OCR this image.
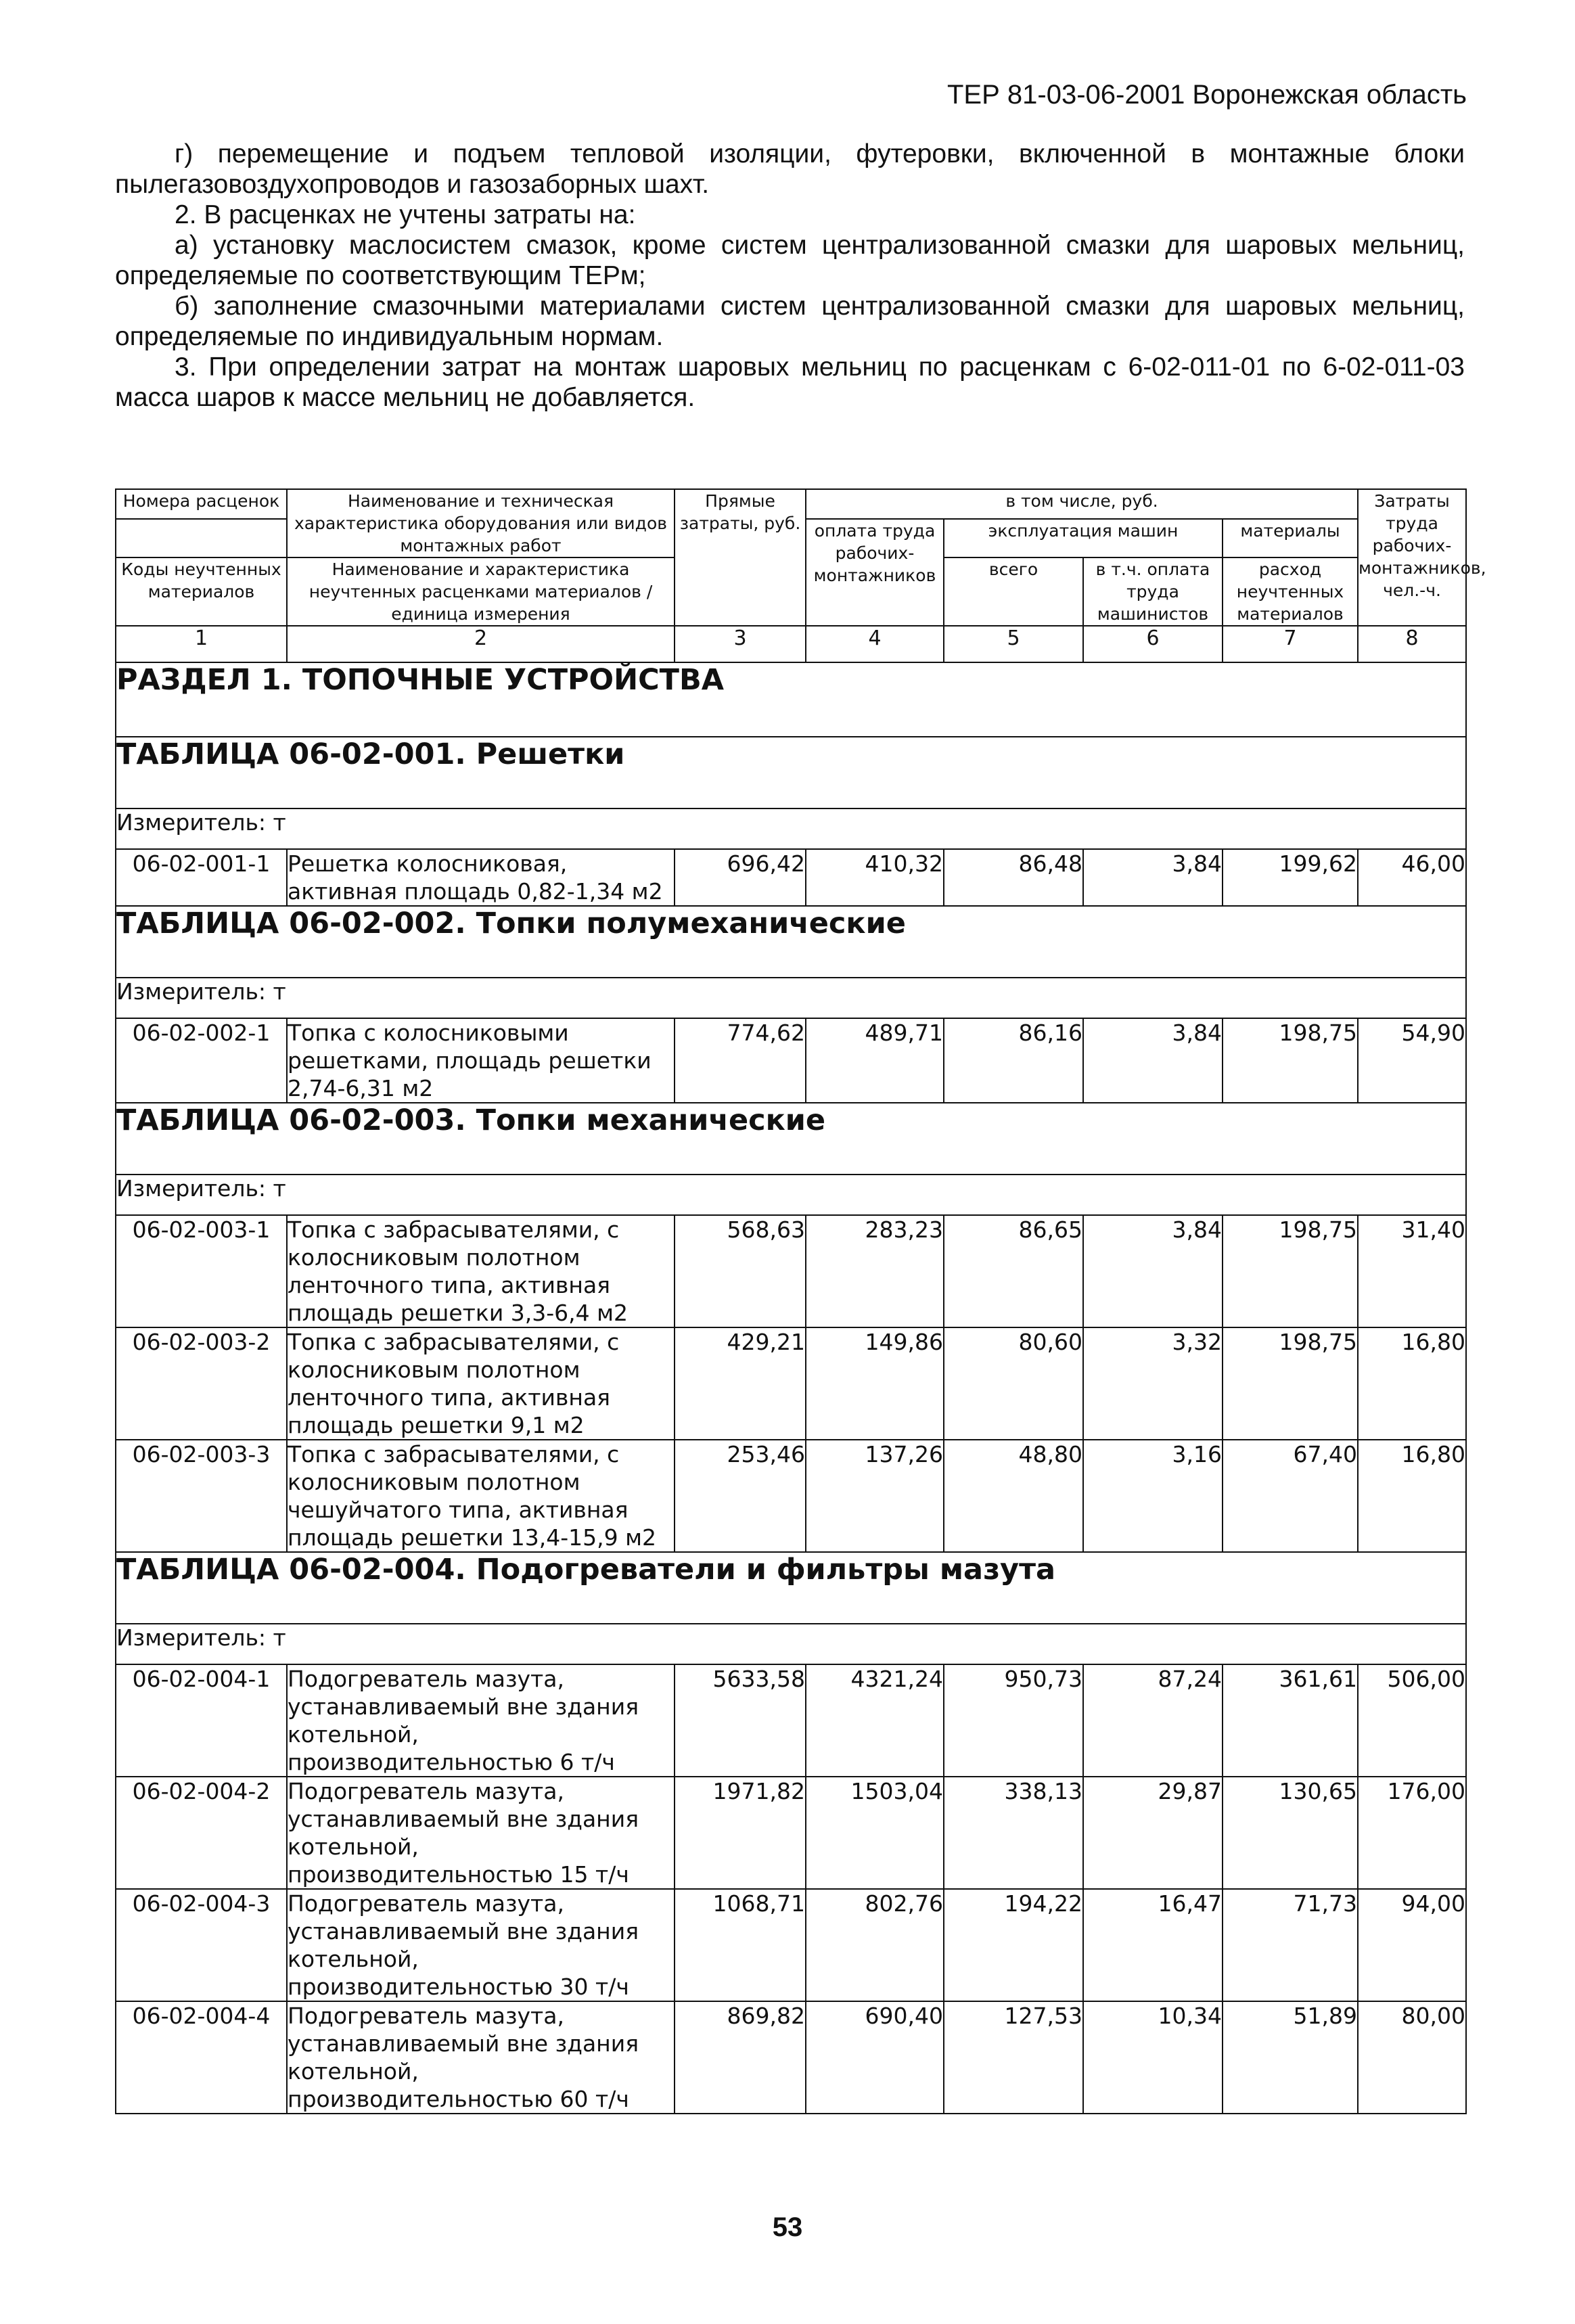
ТЕР 81-03-06-2001 Воронежская область

г) перемещение и подъем тепловой изоляции, футеровки, включенной в монтажные блоки пылегазовоздухопроводов и газозаборных шахт.

2. В расценках не учтены затраты на:

а) установку маслосистем смазок, кроме систем централизованной смазки для шаровых мельниц, определяемые по соответствующим ТЕРм;

б) заполнение смазочными материалами систем централизованной смазки для шаровых мельниц, определяемые по индивидуальным нормам.

3. При определении затрат на монтаж шаровых мельниц по расценкам с 6-02-011-01 по 6-02-011-03 масса шаров к массе мельниц не добавляется.

Номера расценок	Наименование и техническая характеристика оборудования или видов монтажных работ	Прямые затраты, руб.	в том числе, руб.				Затраты труда рабочих-монтажников, чел.-ч.
			оплата труда рабочих-монтажников	эксплуатация машин		материалы	
Коды неучтенных материалов	Наименование и характеристика неучтенных расценками материалов / единица измерения			всего	в т.ч. оплата труда машинистов	расход неучтенных материалов	

1	2	3	4	5	6	7	8
РАЗДЕЛ 1. ТОПОЧНЫЕ УСТРОЙСТВА							
ТАБЛИЦА 06-02-001. Решетки							
Измеритель: т							
06-02-001-1	Решетка колосниковая, активная площадь 0,82-1,34 м2	696,42	410,32	86,48	3,84	199,62	46,00
ТАБЛИЦА 06-02-002. Топки полумеханические							
Измеритель: т							
06-02-002-1	Топка с колосниковыми решетками, площадь решетки 2,74-6,31 м2	774,62	489,71	86,16	3,84	198,75	54,90
ТАБЛИЦА 06-02-003. Топки механические							
Измеритель: т							
06-02-003-1	Топка с забрасывателями, с колосниковым полотном ленточного типа, активная площадь решетки 3,3-6,4 м2	568,63	283,23	86,65	3,84	198,75	31,40
06-02-003-2	Топка с забрасывателями, с колосниковым полотном ленточного типа, активная площадь решетки 9,1 м2	429,21	149,86	80,60	3,32	198,75	16,80
06-02-003-3	Топка с забрасывателями, с колосниковым полотном чешуйчатого типа, активная площадь решетки 13,4-15,9 м2	253,46	137,26	48,80	3,16	67,40	16,80
ТАБЛИЦА 06-02-004. Подогреватели и фильтры мазута							
Измеритель: т							
06-02-004-1	Подогреватель мазута, устанавливаемый вне здания котельной, производительностью 6 т/ч	5633,58	4321,24	950,73	87,24	361,61	506,00
06-02-004-2	Подогреватель мазута, устанавливаемый вне здания котельной, производительностью 15 т/ч	1971,82	1503,04	338,13	29,87	130,65	176,00
06-02-004-3	Подогреватель мазута, устанавливаемый вне здания котельной, производительностью 30 т/ч	1068,71	802,76	194,22	16,47	71,73	94,00
06-02-004-4	Подогреватель мазута, устанавливаемый вне здания котельной, производительностью 60 т/ч	869,82	690,40	127,53	10,34	51,89	80,00
53
